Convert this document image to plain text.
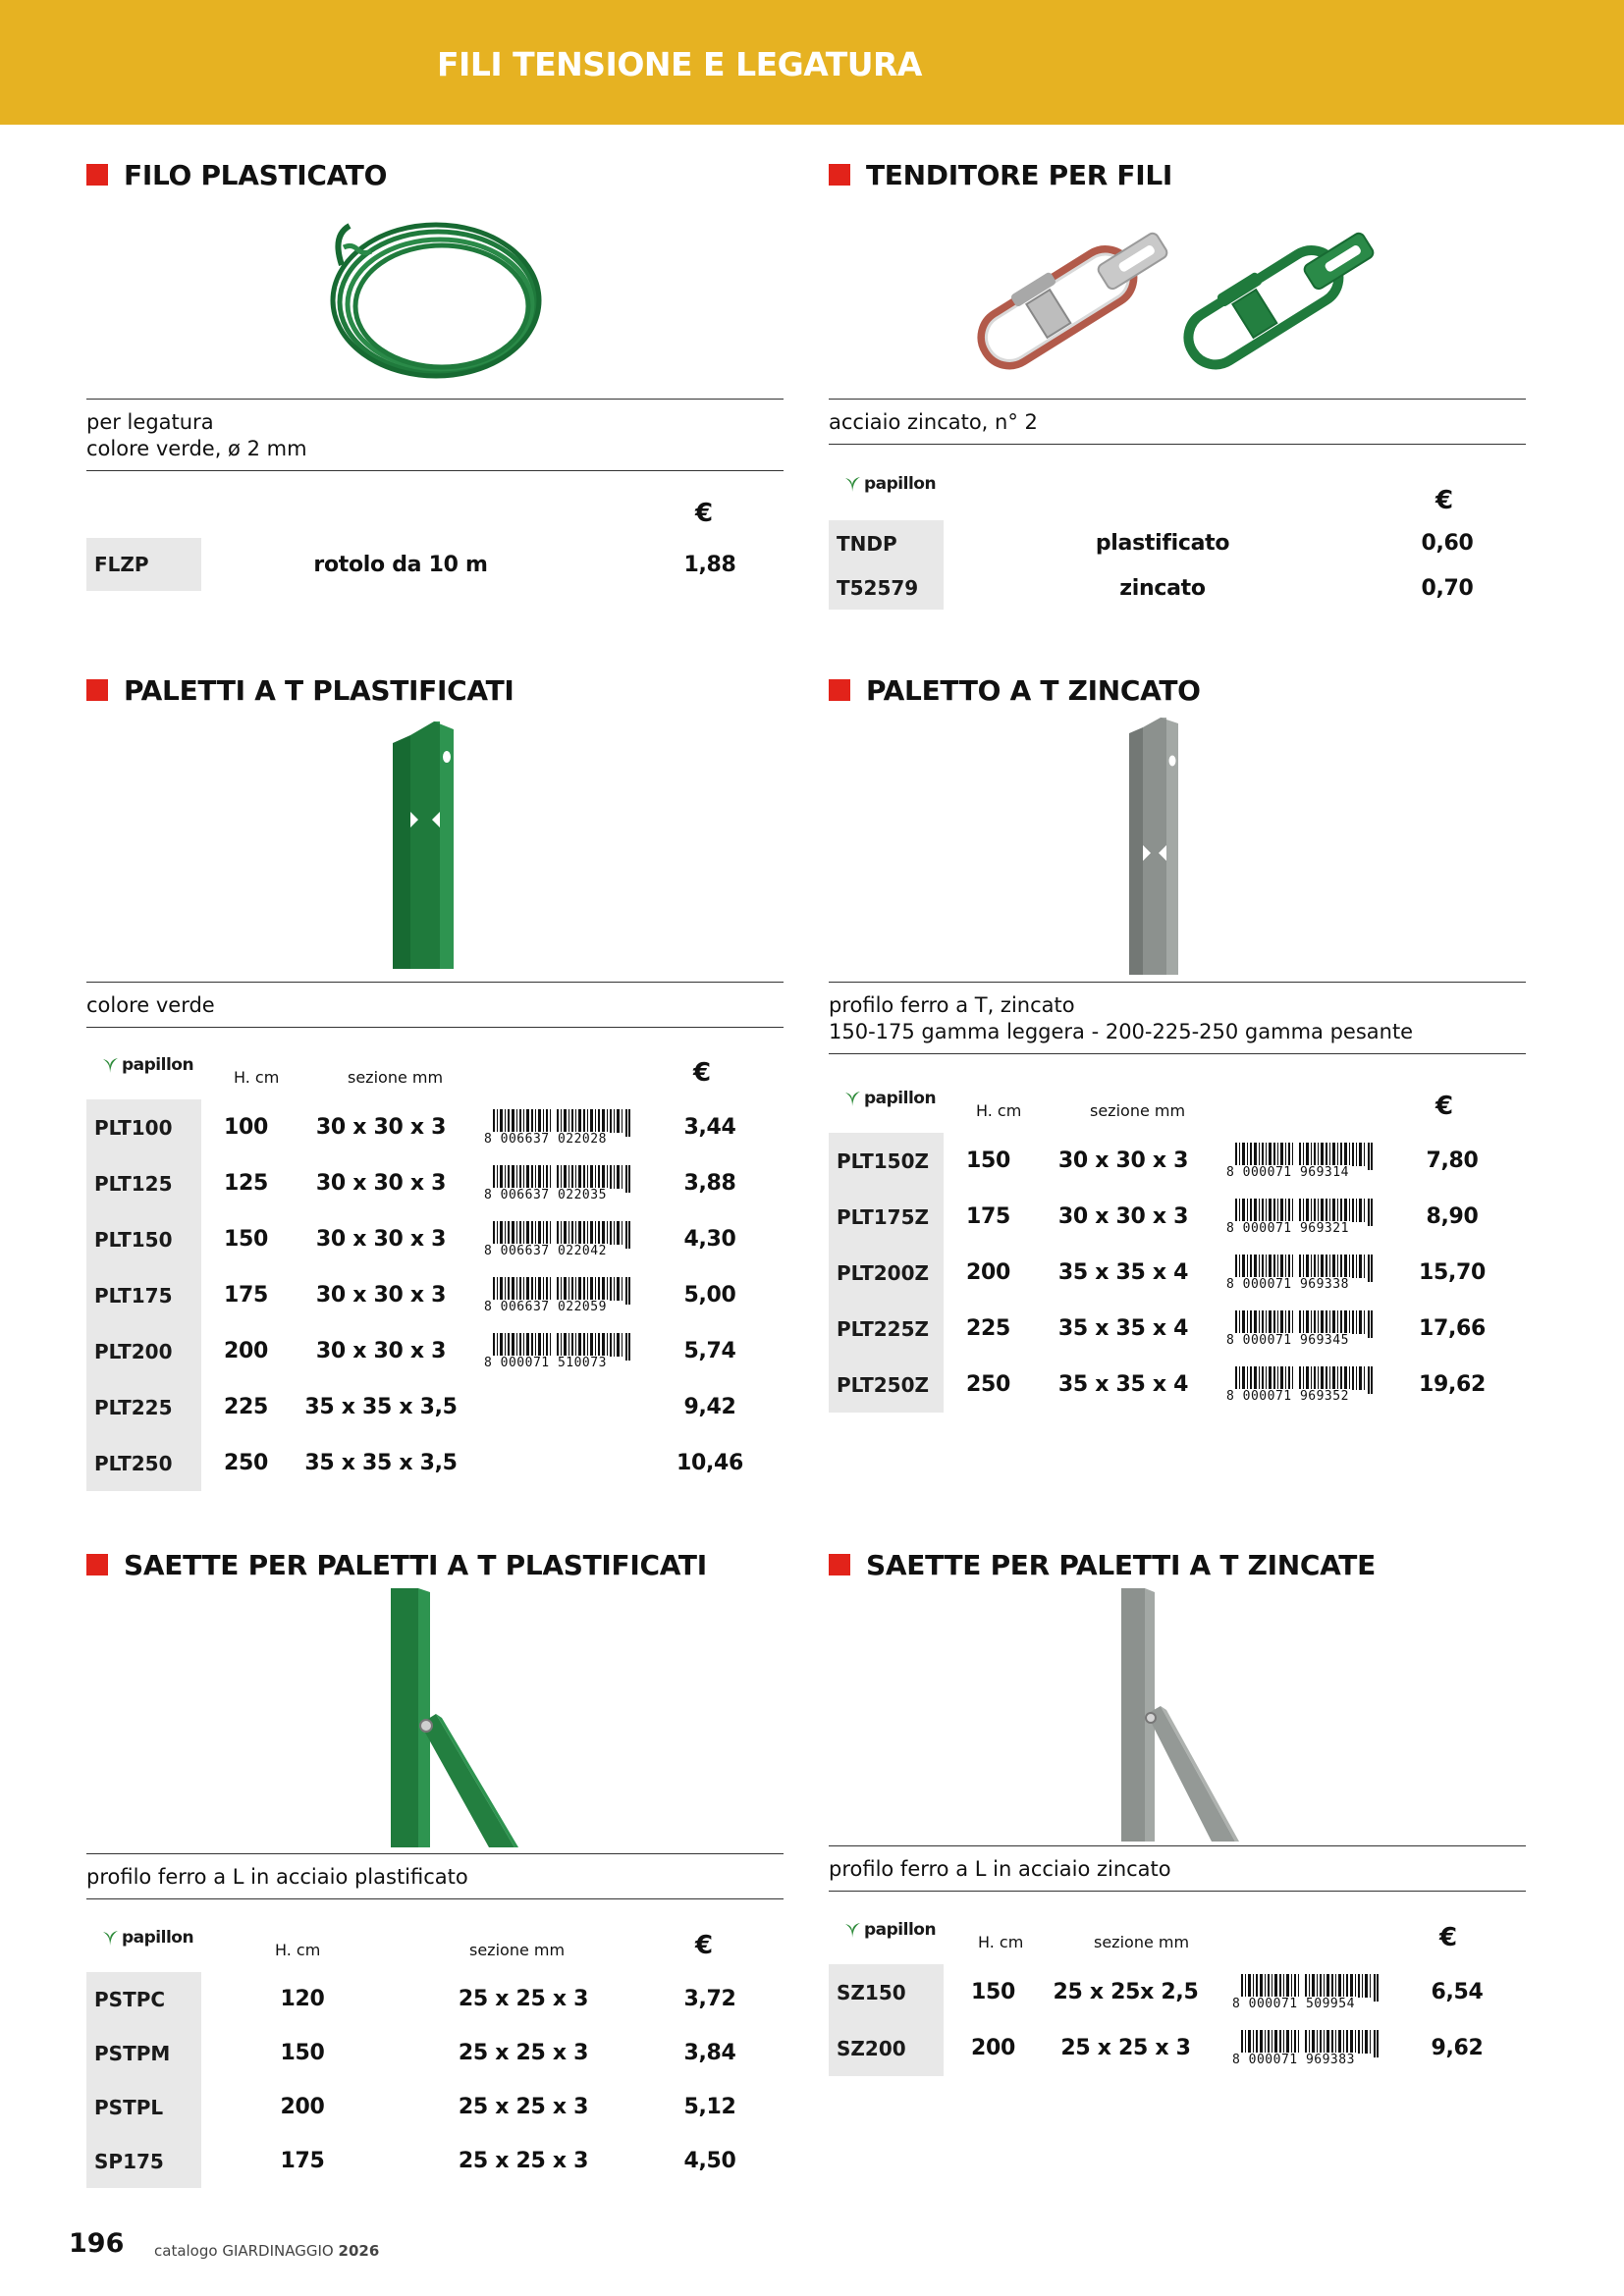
FILI TENSIONE E LEGATURA
FILO PLASTICATO
per legatura
colore verde, ø 2 mm
€
FLZP	rotolo da 10 m	1,88
TENDITORE PER FILI
acciaio zincato, n° 2
papillon
€
TNDP	plastificato	0,60
T52579	zincato	0,70
PALETTI A T PLASTIFICATI
colore verde
papillon
H. cm	sezione mm	€
PLT100	100	30 x 30 x 3	8 006637 022028	3,44
PLT125	125	30 x 30 x 3	8 006637 022035	3,88
PLT150	150	30 x 30 x 3	8 006637 022042	4,30
PLT175	175	30 x 30 x 3	8 006637 022059	5,00
PLT200	200	30 x 30 x 3	8 000071 510073	5,74
PLT225	225	35 x 35 x 3,5	9,42
PLT250	250	35 x 35 x 3,5	10,46
PALETTO A T ZINCATO
profilo ferro a T, zincato
150-175 gamma leggera - 200-225-250 gamma pesante
papillon
H. cm	sezione mm	€
PLT150Z	150	30 x 30 x 3	8 000071 969314	7,80
PLT175Z	175	30 x 30 x 3	8 000071 969321	8,90
PLT200Z	200	35 x 35 x 4	8 000071 969338	15,70
PLT225Z	225	35 x 35 x 4	8 000071 969345	17,66
PLT250Z	250	35 x 35 x 4	8 000071 969352	19,62
SAETTE PER PALETTI A T PLASTIFICATI
profilo ferro a L in acciaio plastificato
papillon
H. cm	sezione mm	€
PSTPC	120	25 x 25 x 3	3,72
PSTPM	150	25 x 25 x 3	3,84
PSTPL	200	25 x 25 x 3	5,12
SP175	175	25 x 25 x 3	4,50
SAETTE PER PALETTI A T ZINCATE
profilo ferro a L in acciaio zincato
papillon
H. cm	sezione mm	€
SZ150	150	25 x 25x 2,5	8 000071 509954	6,54
SZ200	200	25 x 25 x 3	8 000071 969383	9,62
196 catalogo GIARDINAGGIO 2026
